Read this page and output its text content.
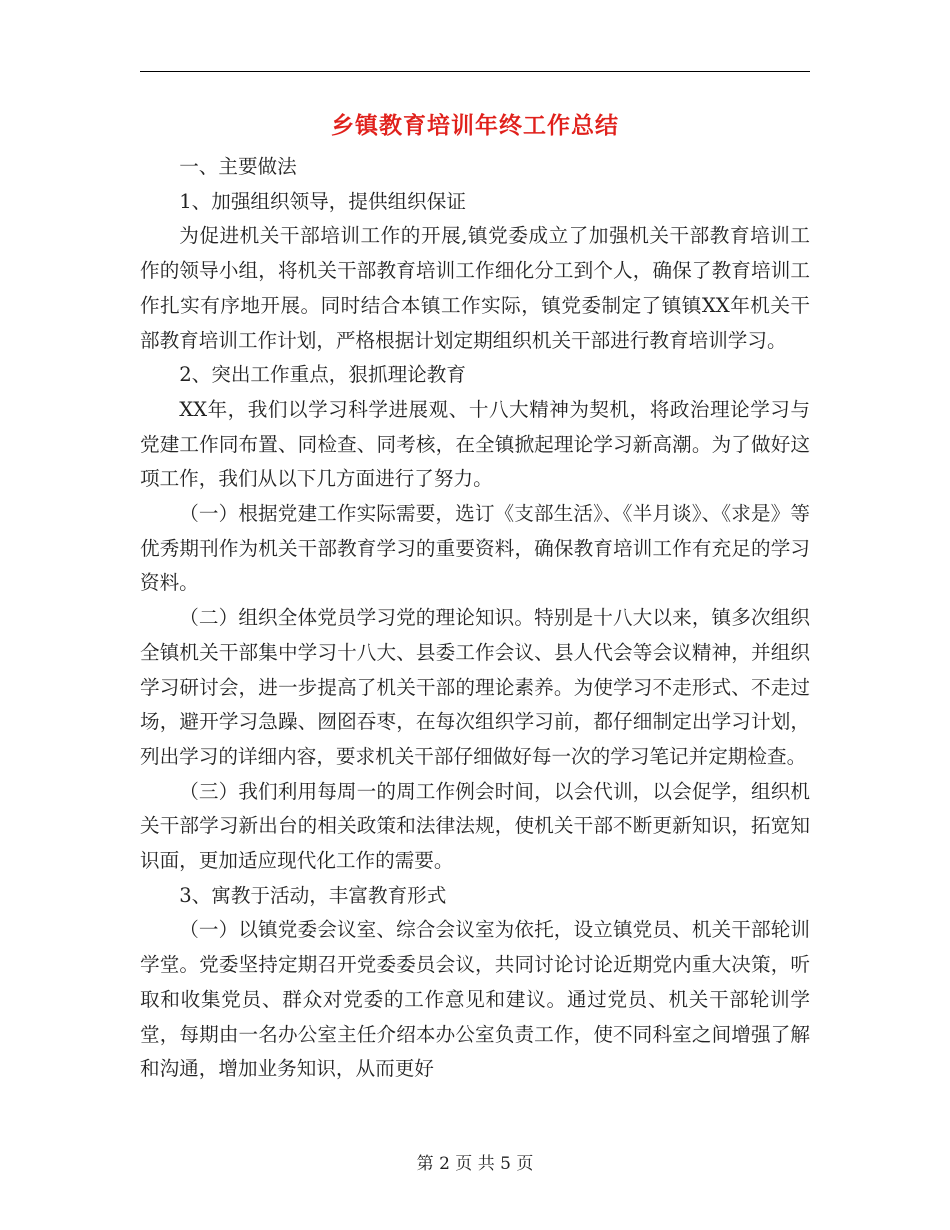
乡镇教育培训年终工作总结

一、主要做法

1、加强组织领导，提供组织保证

为促进机关干部培训工作的开展,镇党委成立了加强机关干部教育培训工作的领导小组，将机关干部教育培训工作细化分工到个人，确保了教育培训工作扎实有序地开展。同时结合本镇工作实际，镇党委制定了镇镇XX年机关干部教育培训工作计划，严格根据计划定期组织机关干部进行教育培训学习。

2、突出工作重点，狠抓理论教育

XX年，我们以学习科学进展观、十八大精神为契机，将政治理论学习与党建工作同布置、同检查、同考核，在全镇掀起理论学习新高潮。为了做好这项工作，我们从以下几方面进行了努力。

（一）根据党建工作实际需要，选订《支部生活》、《半月谈》、《求是》等优秀期刊作为机关干部教育学习的重要资料，确保教育培训工作有充足的学习资料。

（二）组织全体党员学习党的理论知识。特别是十八大以来，镇多次组织全镇机关干部集中学习十八大、县委工作会议、县人代会等会议精神，并组织学习研讨会，进一步提高了机关干部的理论素养。为使学习不走形式、不走过场，避开学习急躁、囫囵吞枣，在每次组织学习前，都仔细制定出学习计划，列出学习的详细内容，要求机关干部仔细做好每一次的学习笔记并定期检查。

（三）我们利用每周一的周工作例会时间，以会代训，以会促学，组织机关干部学习新出台的相关政策和法律法规，使机关干部不断更新知识，拓宽知识面，更加适应现代化工作的需要。

3、寓教于活动，丰富教育形式

（一）以镇党委会议室、综合会议室为依托，设立镇党员、机关干部轮训学堂。党委坚持定期召开党委委员会议，共同讨论讨论近期党内重大决策，听取和收集党员、群众对党委的工作意见和建议。通过党员、机关干部轮训学堂，每期由一名办公室主任介绍本办公室负责工作，使不同科室之间增强了解和沟通，增加业务知识，从而更好

第 2 页 共 5 页
